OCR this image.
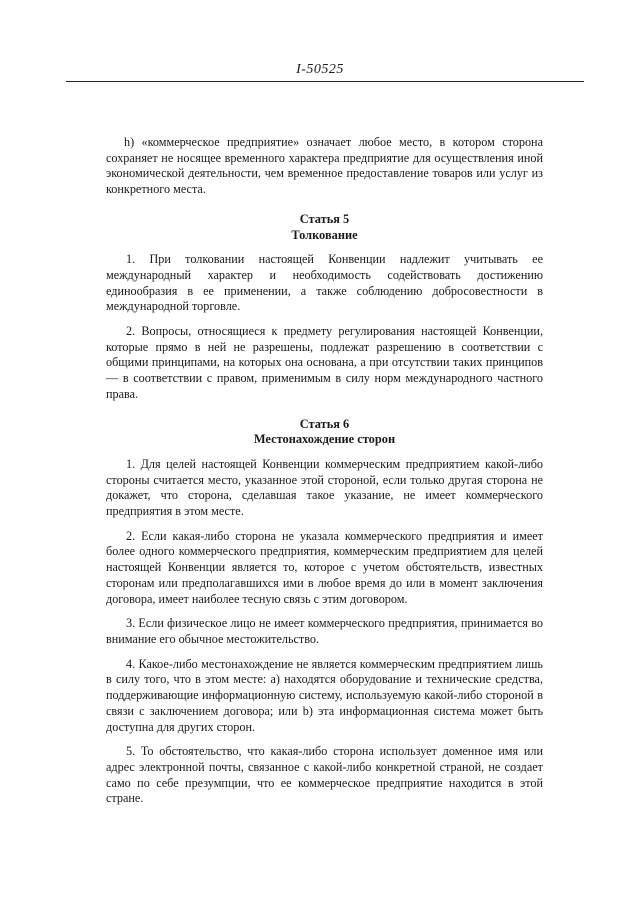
I-50525

h) «коммерческое предприятие» означает любое место, в котором сторона сохраняет не носящее временного характера предприятие для осуществления иной экономической деятельности, чем временное предоставление товаров или услуг из конкретного места.

Статья 5
Толкование

1. При толковании настоящей Конвенции надлежит учитывать ее международный характер и необходимость содействовать достижению единообразия в ее применении, а также соблюдению добросовестности в международной торговле.

2. Вопросы, относящиеся к предмету регулирования настоящей Конвенции, которые прямо в ней не разрешены, подлежат разрешению в соответствии с общими принципами, на которых она основана, а при отсутствии таких принципов — в соответствии с правом, применимым в силу норм международного частного права.

Статья 6
Местонахождение сторон

1. Для целей настоящей Конвенции коммерческим предприятием какой-либо стороны считается место, указанное этой стороной, если только другая сторона не докажет, что сторона, сделавшая такое указание, не имеет коммерческого предприятия в этом месте.

2. Если какая-либо сторона не указала коммерческого предприятия и имеет более одного коммерческого предприятия, коммерческим предприятием для целей настоящей Конвенции является то, которое с учетом обстоятельств, известных сторонам или предполагавшихся ими в любое время до или в момент заключения договора, имеет наиболее тесную связь с этим договором.

3. Если физическое лицо не имеет коммерческого предприятия, принимается во внимание его обычное местожительство.

4. Какое-либо местонахождение не является коммерческим предприятием лишь в силу того, что в этом месте: a) находятся оборудование и технические средства, поддерживающие информационную систему, используемую какой-либо стороной в связи с заключением договора; или b) эта информационная система может быть доступна для других сторон.

5. То обстоятельство, что какая-либо сторона использует доменное имя или адрес электронной почты, связанное с какой-либо конкретной страной, не создает само по себе презумпции, что ее коммерческое предприятие находится в этой стране.
